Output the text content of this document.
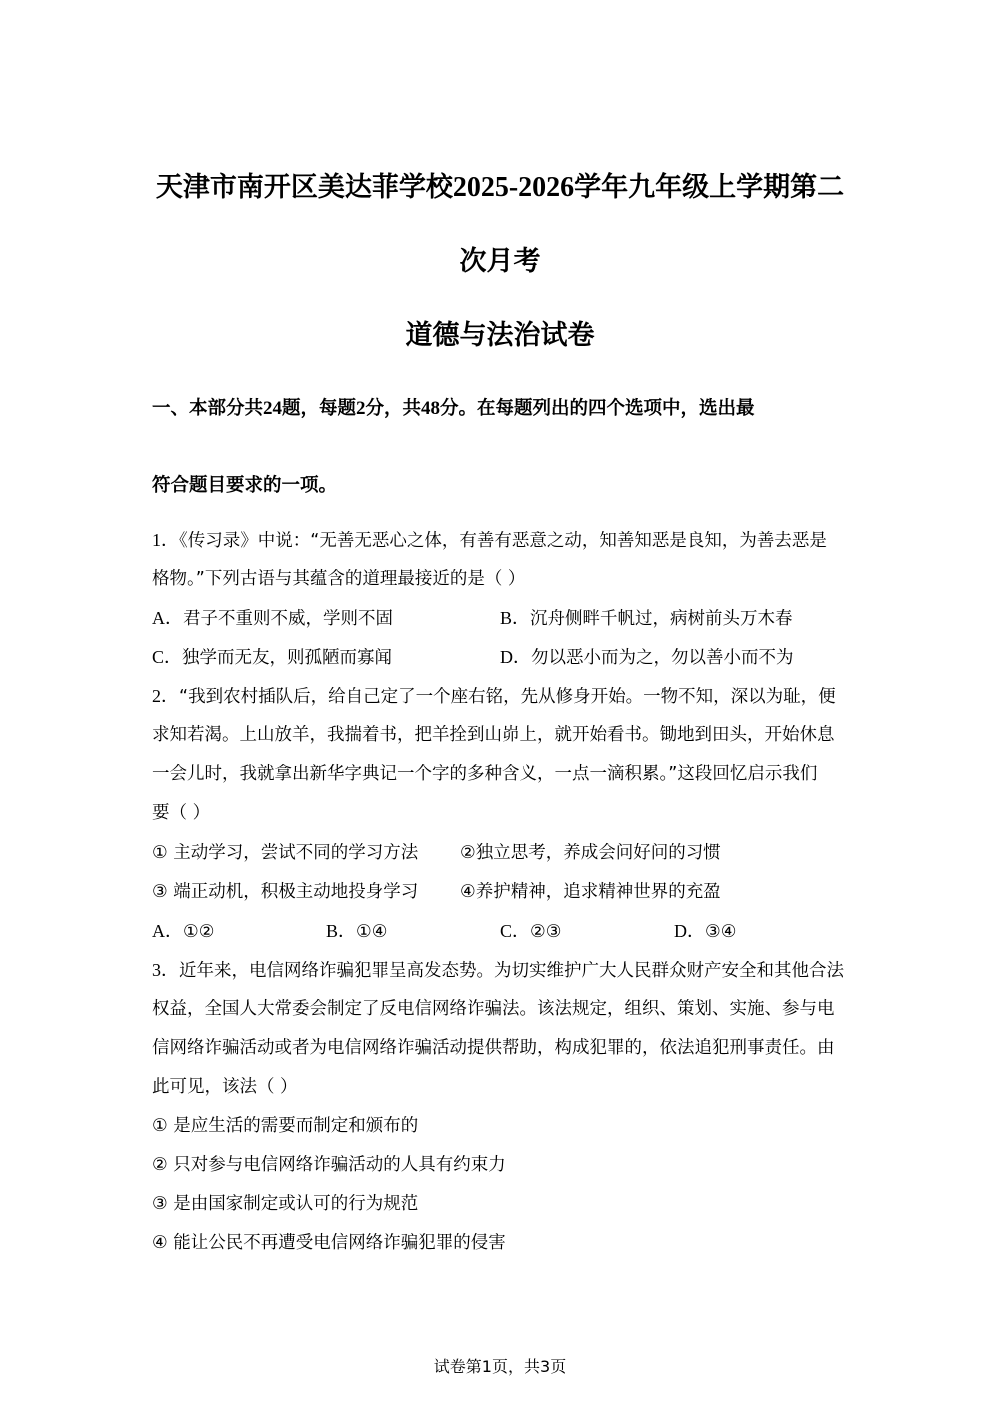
天津市南开区美达菲学校2025-2026学年九年级上学期第二
次月考
道德与法治试卷
一、本部分共24题，每题2分，共48分。在每题列出的四个选项中，选出最
符合题目要求的一项。
1．《传习录》中说：“无善无恶心之体，有善有恶意之动，知善知恶是良知，为善去恶是
格物。”下列古语与其蕴含的道理最接近的是（ ）
A．君子不重则不威，学则不固	B．沉舟侧畔千帆过，病树前头万木春
C．独学而无友，则孤陋而寡闻	D．勿以恶小而为之，勿以善小而不为
2．“我到农村插队后，给自己定了一个座右铭，先从修身开始。一物不知，深以为耻，便
求知若渴。上山放羊，我揣着书，把羊拴到山峁上，就开始看书。锄地到田头，开始休息
一会儿时，我就拿出新华字典记一个字的多种含义，一点一滴积累。”这段回忆启示我们
要（ ）
① 主动学习，尝试不同的学习方法 ②独立思考，养成会问好问的习惯
③ 端正动机，积极主动地投身学习 ④养护精神，追求精神世界的充盈
A．①②	B．①④	C．②③	D．③④
3．近年来，电信网络诈骗犯罪呈高发态势。为切实维护广大人民群众财产安全和其他合法
权益，全国人大常委会制定了反电信网络诈骗法。该法规定，组织、策划、实施、参与电
信网络诈骗活动或者为电信网络诈骗活动提供帮助，构成犯罪的，依法追犯刑事责任。由
此可见，该法（ ）
① 是应生活的需要而制定和颁布的
② 只对参与电信网络诈骗活动的人具有约束力
③ 是由国家制定或认可的行为规范
④ 能让公民不再遭受电信网络诈骗犯罪的侵害
试卷第1页，共3页
